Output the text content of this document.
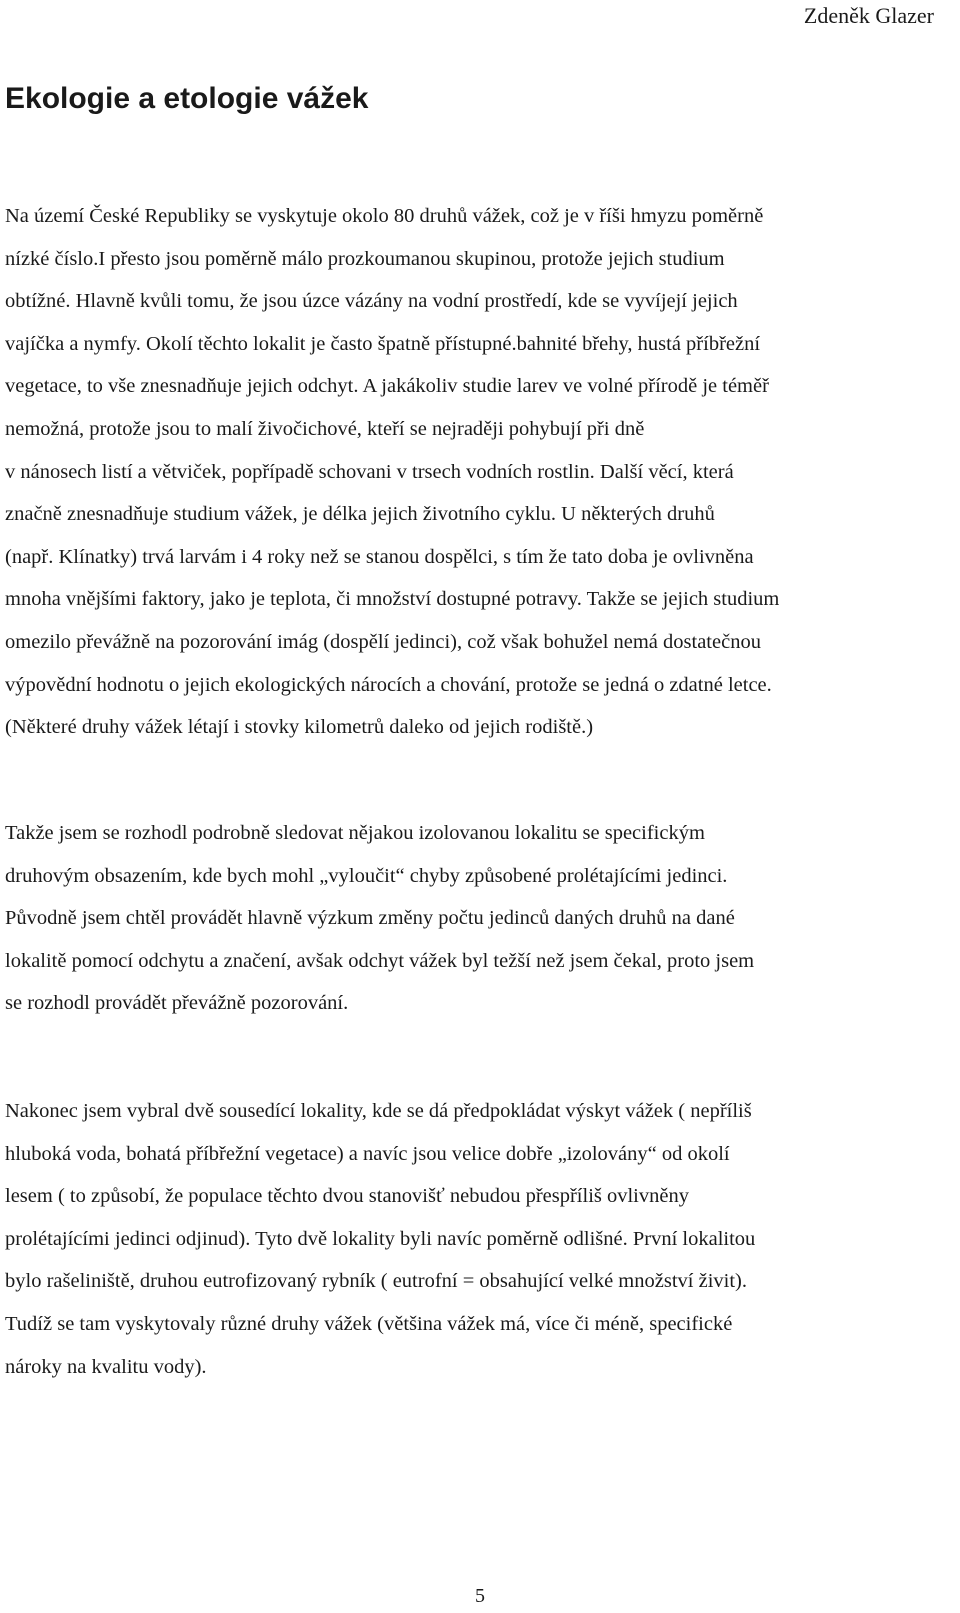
Zdeněk Glazer

Ekologie a etologie vážek

Na území České Republiky se vyskytuje okolo 80 druhů vážek, což je v říši hmyzu poměrně
nízké číslo.I přesto jsou poměrně málo prozkoumanou skupinou, protože jejich studium
obtížné. Hlavně kvůli tomu, že jsou úzce vázány na vodní prostředí, kde se vyvíjejí jejich
vajíčka a nymfy. Okolí těchto lokalit je často špatně přístupné.bahnité břehy, hustá příbřežní
vegetace, to vše znesnadňuje jejich odchyt. A jakákoliv studie larev ve volné přírodě je téměř
nemožná, protože jsou to malí živočichové, kteří se nejraději pohybují při dně
v nánosech listí a větviček, popřípadě schovani v trsech vodních rostlin. Další věcí, která
značně znesnadňuje studium vážek, je délka jejich životního cyklu. U některých druhů
(např. Klínatky) trvá larvám i 4 roky než se stanou dospělci, s tím že tato doba je ovlivněna
mnoha vnějšími faktory, jako je teplota, či množství dostupné potravy. Takže se jejich studium
omezilo převážně na pozorování imág (dospělí jedinci), což však bohužel nemá dostatečnou
výpovědní hodnotu o jejich ekologických nárocích a chování, protože se jedná o zdatné letce.
(Některé druhy vážek létají i stovky kilometrů daleko od jejich rodiště.)

Takže jsem se rozhodl podrobně sledovat nějakou izolovanou lokalitu se specifickým
druhovým obsazením, kde bych mohl „vyloučit“ chyby způsobené prolétajícími jedinci.
Původně jsem chtěl provádět hlavně výzkum změny počtu jedinců daných druhů na dané
lokalitě pomocí odchytu a značení, avšak odchyt vážek byl težší než jsem čekal, proto jsem
se rozhodl provádět převážně pozorování.

Nakonec jsem vybral dvě sousedící lokality, kde se dá předpokládat výskyt vážek ( nepříliš
hluboká voda, bohatá příbřežní vegetace) a navíc jsou velice dobře „izolovány“ od okolí
lesem ( to způsobí, že populace těchto dvou stanovišť nebudou přespříliš ovlivněny
prolétajícími jedinci odjinud). Tyto dvě lokality byli navíc poměrně odlišné. První lokalitou
bylo rašeliniště, druhou eutrofizovaný rybník ( eutrofní = obsahující velké množství živit).
Tudíž se tam vyskytovaly různé druhy vážek (většina vážek má, více či méně, specifické
nároky na kvalitu vody).

5
